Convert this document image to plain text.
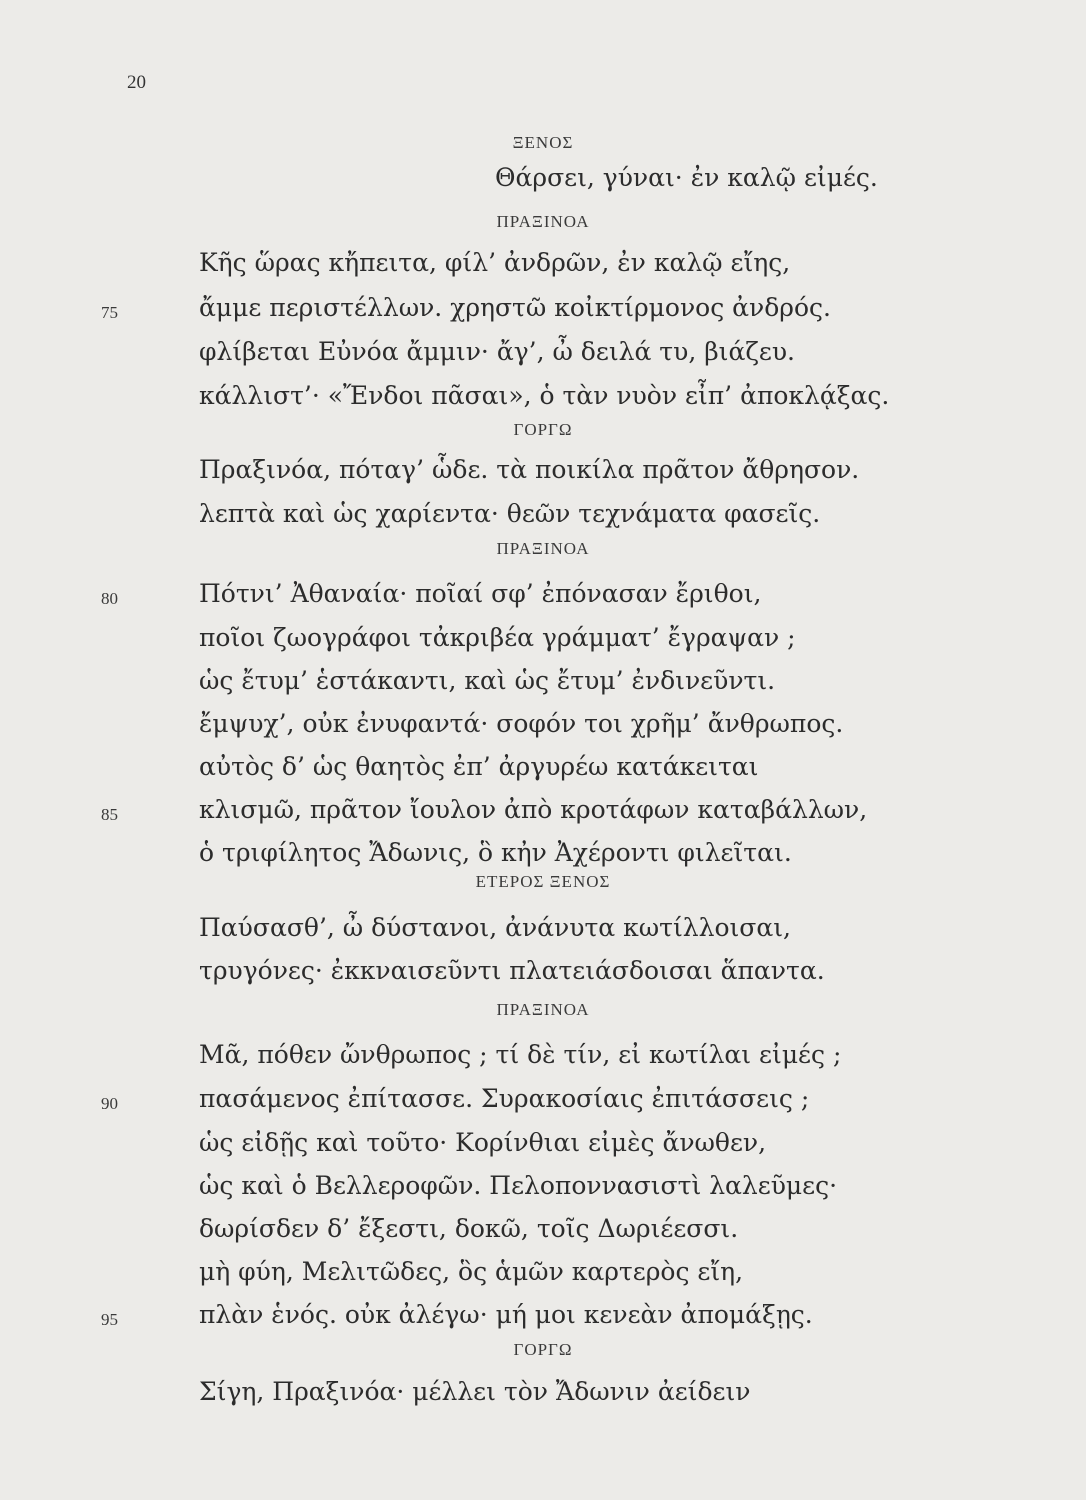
20
ΞΕΝΟΣ
Θάρσει, γύναι· ἐν καλῷ εἰμές.
ΠΡΑΞΙΝΟΑ
Κῆς ὥρας κἤπειτα, φίλ’ ἀνδρῶν, ἐν καλῷ εἴης,
ἄμμε περιστέλλων. χρηστῶ κοἰκτίρμονος ἀνδρός.
75
φλίβεται Εὐνόα ἄμμιν· ἄγ’, ὦ δειλά τυ, βιάζευ.
κάλλιστ’· «Ἔνδοι πᾶσαι», ὁ τὰν νυὸν εἶπ’ ἀποκλᾴξας.
ΓΟΡΓΩ
Πραξινόα, πόταγ’ ὧδε. τὰ ποικίλα πρᾶτον ἄθρησον.
λεπτὰ καὶ ὡς χαρίεντα· θεῶν τεχνάματα φασεῖς.
ΠΡΑΞΙΝΟΑ
Πότνι’ Ἀθαναία· ποῖαί σφ’ ἐπόνασαν ἔριθοι,
80
ποῖοι ζωογράφοι τἀκριβέα γράμματ’ ἔγραψαν ;
ὡς ἔτυμ’ ἑστάκαντι, καὶ ὡς ἔτυμ’ ἐνδινεῦντι.
ἔμψυχ’, οὐκ ἐνυφαντά· σοφόν τοι χρῆμ’ ἄνθρωπος.
αὐτὸς δ’ ὡς θαητὸς ἐπ’ ἀργυρέω κατάκειται
κλισμῶ, πρᾶτον ἴουλον ἀπὸ κροτάφων καταβάλλων,
85
ὁ τριφίλητος Ἄδωνις, ὃ κἠν Ἀχέροντι φιλεῖται.
ΕΤΕΡΟΣ ΞΕΝΟΣ
Παύσασθ’, ὦ δύστανοι, ἀνάνυτα κωτίλλοισαι,
τρυγόνες· ἐκκναισεῦντι πλατειάσδοισαι ἅπαντα.
ΠΡΑΞΙΝΟΑ
Μᾶ, πόθεν ὤνθρωπος ; τί δὲ τίν, εἰ κωτίλαι εἰμές ;
πασάμενος ἐπίτασσε. Συρακοσίαις ἐπιτάσσεις ;
90
ὡς εἰδῇς καὶ τοῦτο· Κορίνθιαι εἰμὲς ἄνωθεν,
ὡς καὶ ὁ Βελλεροφῶν. Πελοποννασιστὶ λαλεῦμες·
δωρίσδεν δ’ ἔξεστι, δοκῶ, τοῖς Δωριέεσσι.
μὴ φύη, Μελιτῶδες, ὃς ἁμῶν καρτερὸς εἴη,
πλὰν ἑνός. οὐκ ἀλέγω· μή μοι κενεὰν ἀπομάξῃς.
95
ΓΟΡΓΩ
Σίγη, Πραξινόα· μέλλει τὸν Ἄδωνιν ἀείδειν
